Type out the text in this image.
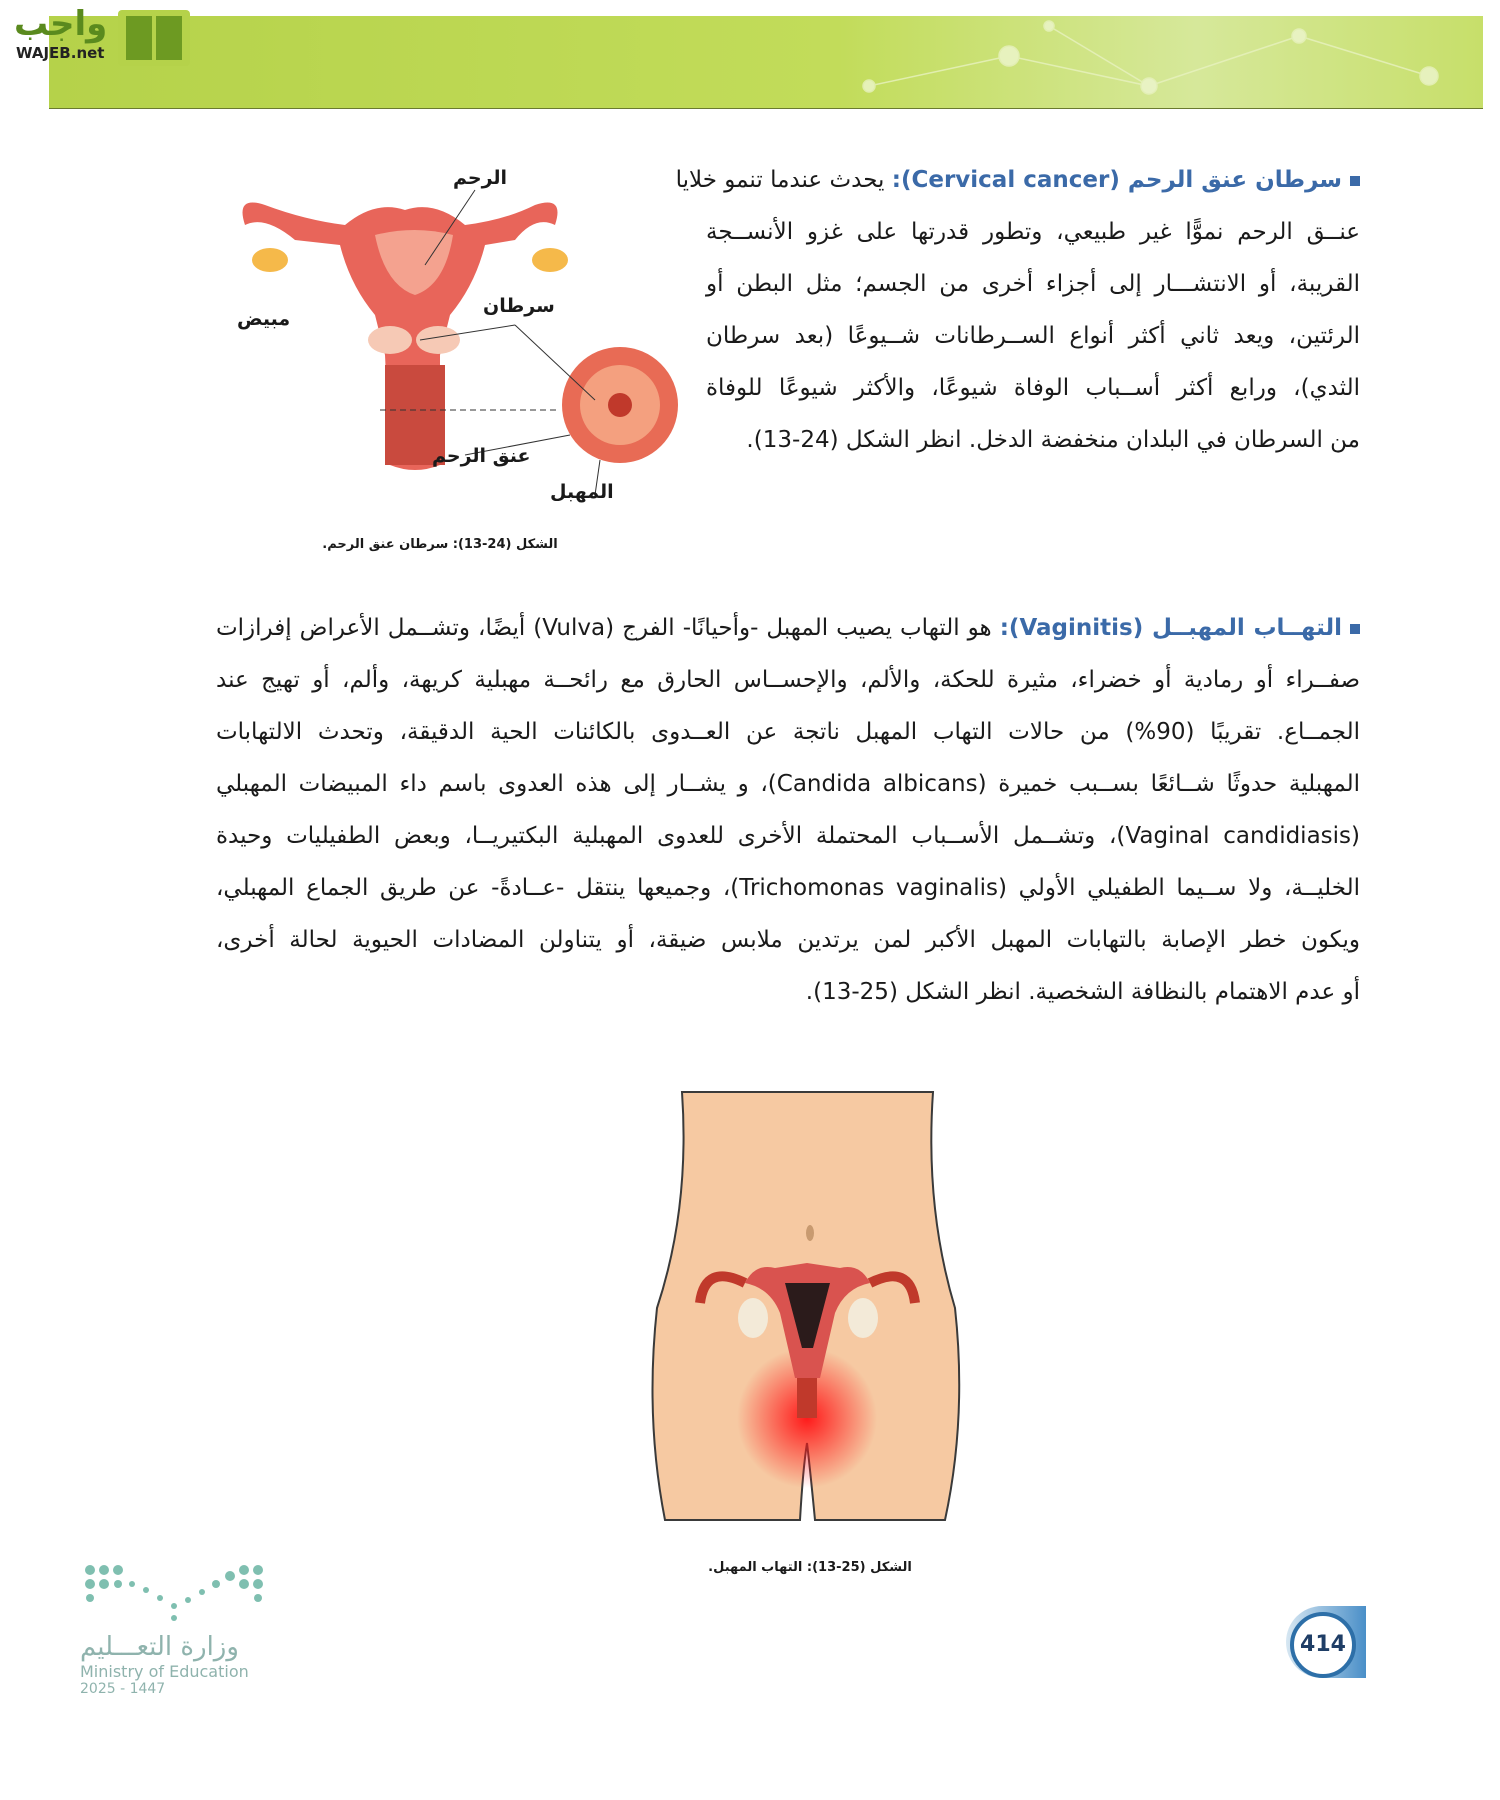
واجب
WAJEB.net
سرطان عنق الرحم (Cervical cancer): يحدث عندما تنمو خلايا
عنــق الرحم نموًّا غير طبيعي، وتطور قدرتها على غزو الأنســجة
القريبة، أو الانتشـــار إلى أجزاء أخرى من الجسم؛ مثل البطن أو
الرئتين، ويعد ثاني أكثر أنواع الســرطانات شــيوعًا (بعد سرطان
الثدي)، ورابع أكثر أســباب الوفاة شيوعًا، والأكثر شيوعًا للوفاة
من السرطان في البلدان منخفضة الدخل. انظر الشكل (24-13).
الرحم
مبيض
سرطان
عنق الرحم
المهبل
الشكل (24-13): سرطان عنق الرحم.
التهــاب المهبــل (Vaginitis): هو التهاب يصيب المهبل -وأحيانًا- الفرج (Vulva) أيضًا، وتشــمل الأعراض إفرازات
صفــراء أو رمادية أو خضراء، مثيرة للحكة، والألم، والإحســاس الحارق مع رائحــة مهبلية كريهة، وألم، أو تهيج عند
الجمــاع. تقريبًا (90%) من حالات التهاب المهبل ناتجة عن العــدوى بالكائنات الحية الدقيقة، وتحدث الالتهابات
المهبلية حدوثًا شــائعًا بســبب خميرة (Candida albicans)، و يشــار إلى هذه العدوى باسم داء المبيضات المهبلي
(Vaginal candidiasis)، وتشــمل الأســباب المحتملة الأخرى للعدوى المهبلية البكتيريــا، وبعض الطفيليات وحيدة
الخليــة، ولا ســيما الطفيلي الأولي (Trichomonas vaginalis)، وجميعها ينتقل -عــادةً- عن طريق الجماع المهبلي،
ويكون خطر الإصابة بالتهابات المهبل الأكبر لمن يرتدين ملابس ضيقة، أو يتناولن المضادات الحيوية لحالة أخرى،
أو عدم الاهتمام بالنظافة الشخصية. انظر الشكل (25-13).
الشكل (25-13): التهاب المهبل.
وزارة التعـــليم
Ministry of Education
2025 - 1447
414
